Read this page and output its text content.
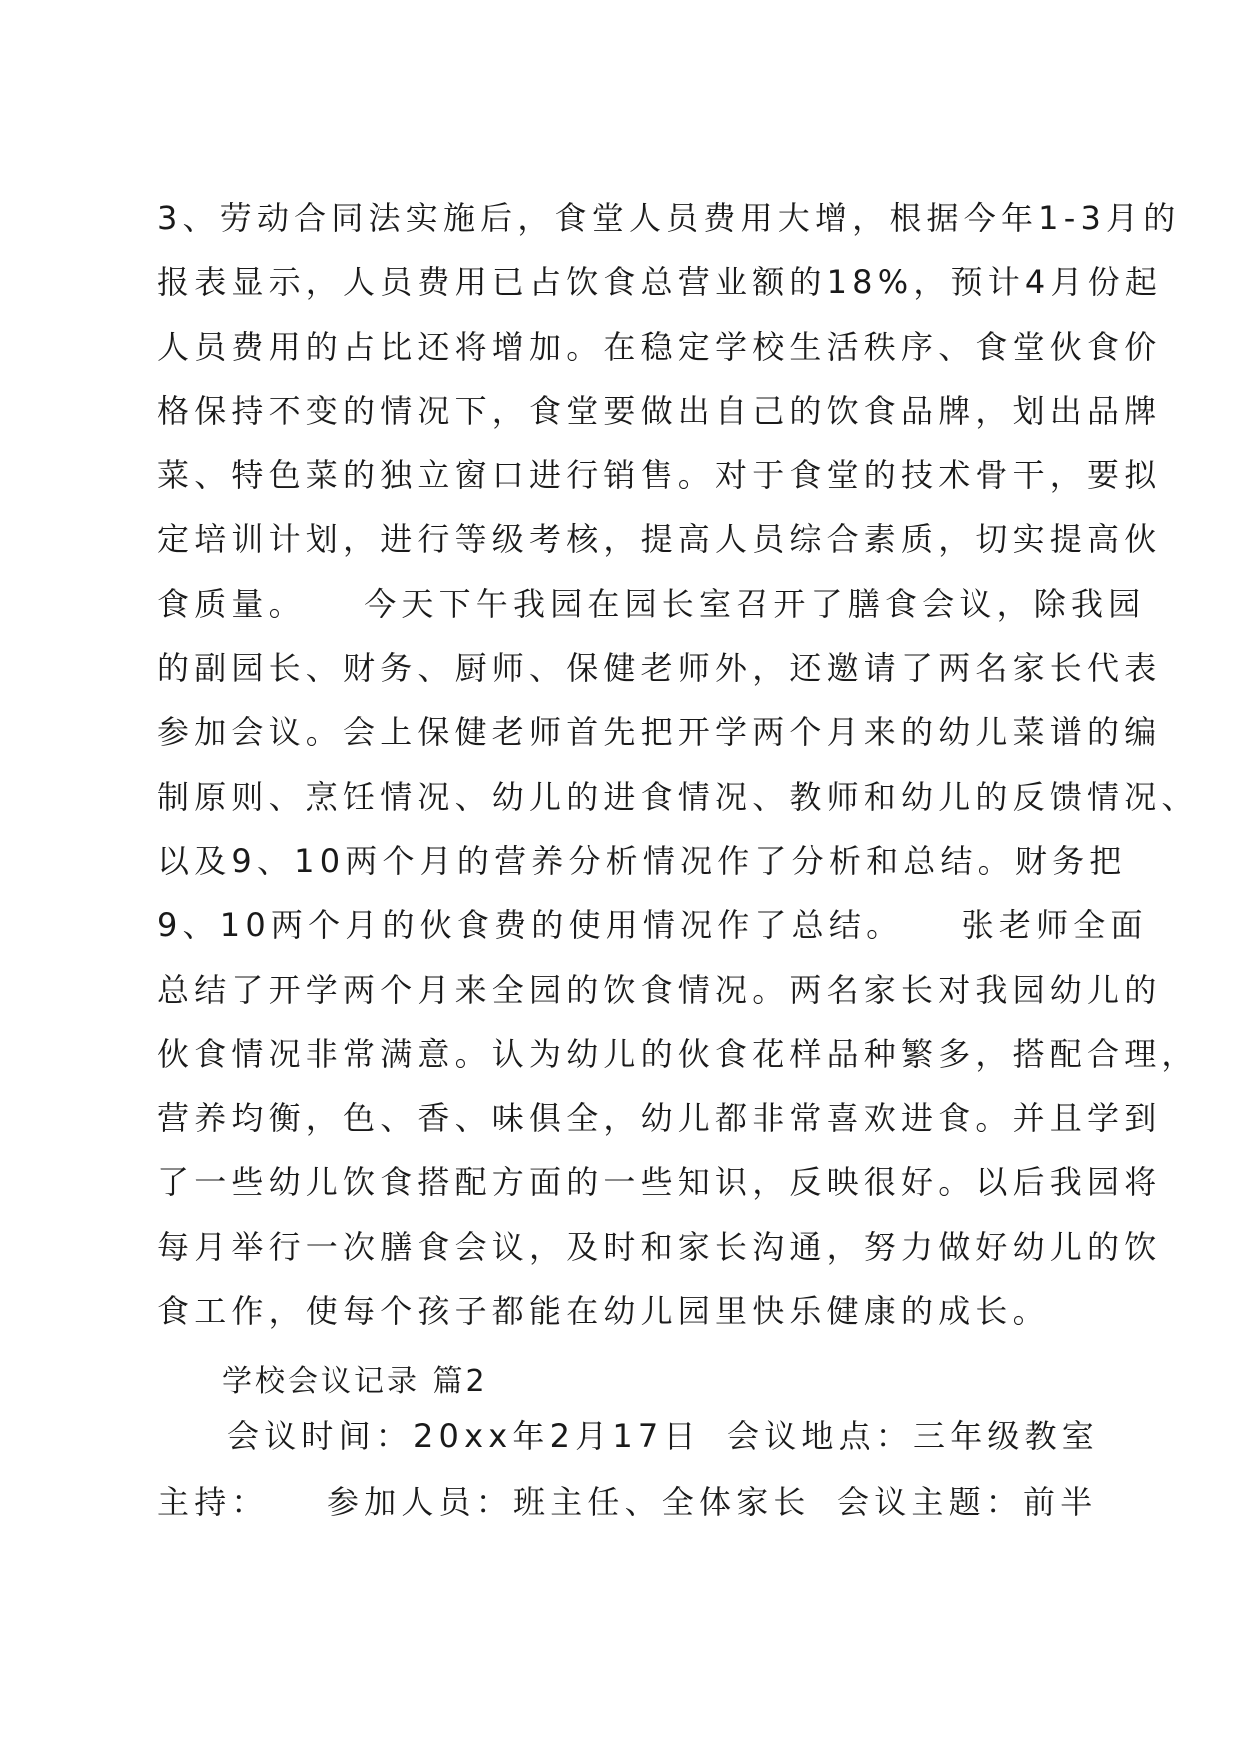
3、劳动合同法实施后，食堂人员费用大增，根据今年1-3月的
报表显示，人员费用已占饮食总营业额的18%，预计4月份起
人员费用的占比还将增加。在稳定学校生活秩序、食堂伙食价
格保持不变的情况下，食堂要做出自己的饮食品牌，划出品牌
菜、特色菜的独立窗口进行销售。对于食堂的技术骨干，要拟
定培训计划，进行等级考核，提高人员综合素质，切实提高伙
食质量。　　今天下午我园在园长室召开了膳食会议，除我园
的副园长、财务、厨师、保健老师外，还邀请了两名家长代表
参加会议。会上保健老师首先把开学两个月来的幼儿菜谱的编
制原则、烹饪情况、幼儿的进食情况、教师和幼儿的反馈情况、
以及9、10两个月的营养分析情况作了分析和总结。财务把
9、10两个月的伙食费的使用情况作了总结。　　张老师全面
总结了开学两个月来全园的饮食情况。两名家长对我园幼儿的
伙食情况非常满意。认为幼儿的伙食花样品种繁多，搭配合理，
营养均衡，色、香、味俱全，幼儿都非常喜欢进食。并且学到
了一些幼儿饮食搭配方面的一些知识，反映很好。以后我园将
每月举行一次膳食会议，及时和家长沟通，努力做好幼儿的饮
食工作，使每个孩子都能在幼儿园里快乐健康的成长。
学校会议记录 篇2
会议时间：20xx年2月17日 会议地点：三年级教室
主持： 参加人员：班主任、全体家长 会议主题：前半
